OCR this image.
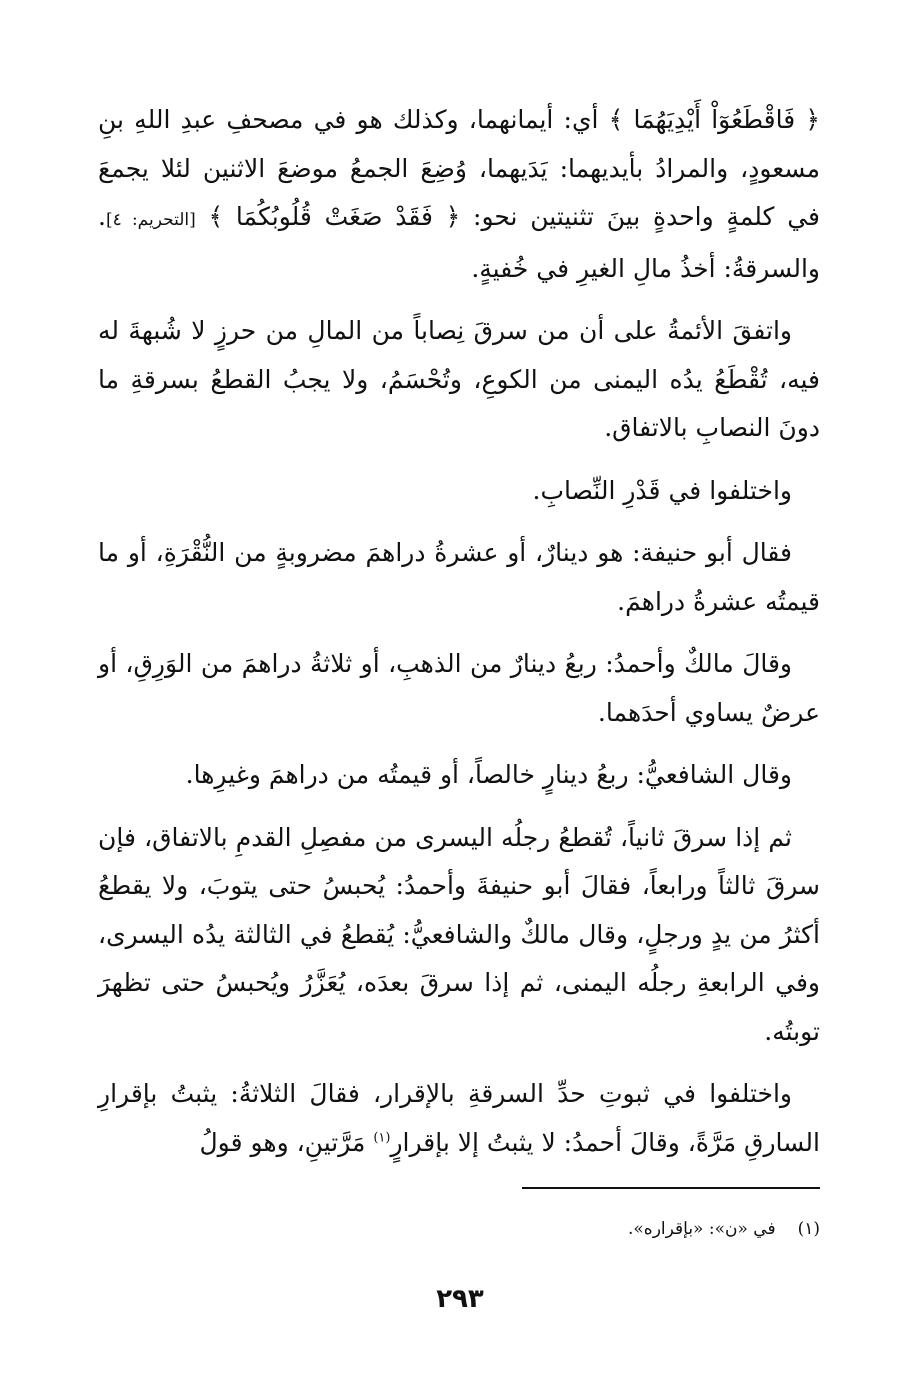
﴿ فَاقْطَعُوٓاْ أَيْدِيَهُمَا ﴾ أي: أيمانهما، وكذلك هو في مصحفِ عبدِ اللهِ بنِ مسعودٍ، والمرادُ بأيديهما: يَدَيهما، وُضِعَ الجمعُ موضعَ الاثنين لئلا يجمعَ في كلمةٍ واحدةٍ بينَ تثنيتين نحو: ﴿ فَقَدْ صَغَتْ قُلُوبُكُمَا ﴾ [التحريم: ٤]. والسرقةُ: أخذُ مالِ الغيرِ في خُفيةٍ.

واتفقَ الأئمةُ على أن من سرقَ نِصاباً من المالِ من حرزٍ لا شُبهةَ له فيه، تُقْطَعُ يدُه اليمنى من الكوعِ، وتُحْسَمُ، ولا يجبُ القطعُ بسرقةِ ما دونَ النصابِ بالاتفاق.

واختلفوا في قَدْرِ النِّصابِ.

فقال أبو حنيفة: هو دينارٌ، أو عشرةُ دراهمَ مضروبةٍ من النُّقْرَةِ، أو ما قيمتُه عشرةُ دراهمَ.

وقالَ مالكٌ وأحمدُ: ربعُ دينارٌ من الذهبِ، أو ثلاثةُ دراهمَ من الوَرِقِ، أو عرضٌ يساوي أحدَهما.

وقال الشافعيُّ: ربعُ دينارٍ خالصاً، أو قيمتُه من دراهمَ وغيرِها.

ثم إذا سرقَ ثانياً، تُقطعُ رجلُه اليسرى من مفصِلِ القدمِ بالاتفاق، فإن سرقَ ثالثاً ورابعاً، فقالَ أبو حنيفةَ وأحمدُ: يُحبسُ حتى يتوبَ، ولا يقطعُ أكثرُ من يدٍ ورجلٍ، وقال مالكٌ والشافعيُّ: يُقطعُ في الثالثة يدُه اليسرى، وفي الرابعةِ رجلُه اليمنى، ثم إذا سرقَ بعدَه، يُعَزَّرُ ويُحبسُ حتى تظهرَ توبتُه.

واختلفوا في ثبوتِ حدِّ السرقةِ بالإقرار، فقالَ الثلاثةُ: يثبتُ بإقرارِ السارقِ مَرَّةً، وقالَ أحمدُ: لا يثبتُ إلا بإقرارٍ$^{(١)}$ مَرَّتينِ، وهو قولُ

(١)في «ن»: «بإقراره».
٢٩٣
